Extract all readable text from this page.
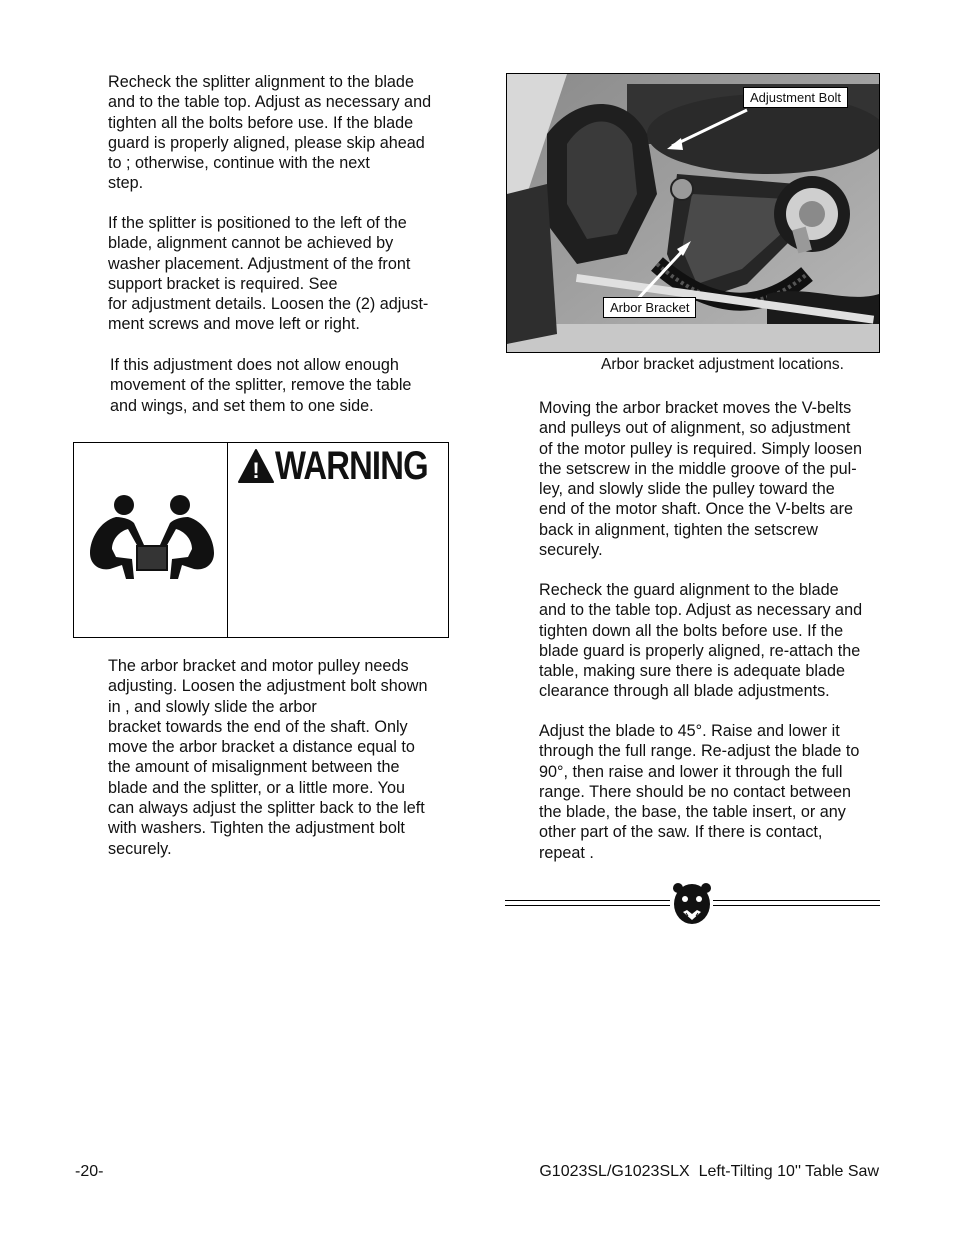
Recheck the splitter alignment to the blade
and to the table top. Adjust as necessary and
tighten all the bolts before use. If the blade
guard is properly aligned, please skip ahead
to ; otherwise, continue with the next
step.
If the splitter is positioned to the left of the
blade, alignment cannot be achieved by
washer placement. Adjustment of the front
support bracket is required. See
for adjustment details. Loosen the (2) adjust-
ment screws and move left or right.
If this adjustment does not allow enough
movement of the splitter, remove the table
and wings, and set them to one side.
! WARNING
The arbor bracket and motor pulley needs
adjusting. Loosen the adjustment bolt shown
in , and slowly slide the arbor
bracket towards the end of the shaft. Only
move the arbor bracket a distance equal to
the amount of misalignment between the
blade and the splitter, or a little more. You
can always adjust the splitter back to the left
with washers. Tighten the adjustment bolt
securely.
Adjustment Bolt
Arbor Bracket
Arbor bracket adjustment locations.
Moving the arbor bracket moves the V-belts
and pulleys out of alignment, so adjustment
of the motor pulley is required. Simply loosen
the setscrew in the middle groove of the pul-
ley, and slowly slide the pulley toward the
end of the motor shaft. Once the V-belts are
back in alignment, tighten the setscrew
securely.
Recheck the guard alignment to the blade
and to the table top. Adjust as necessary and
tighten down all the bolts before use. If the
blade guard is properly aligned, re-attach the
table, making sure there is adequate blade
clearance through all blade adjustments.
Adjust the blade to 45°. Raise and lower it
through the full range. Re-adjust the blade to
90°, then raise and lower it through the full
range. There should be no contact between
the blade, the base, the table insert, or any
other part of the saw. If there is contact,
repeat .
-20-	G1023SL/G1023SLX  Left-Tilting 10'' Table Saw
